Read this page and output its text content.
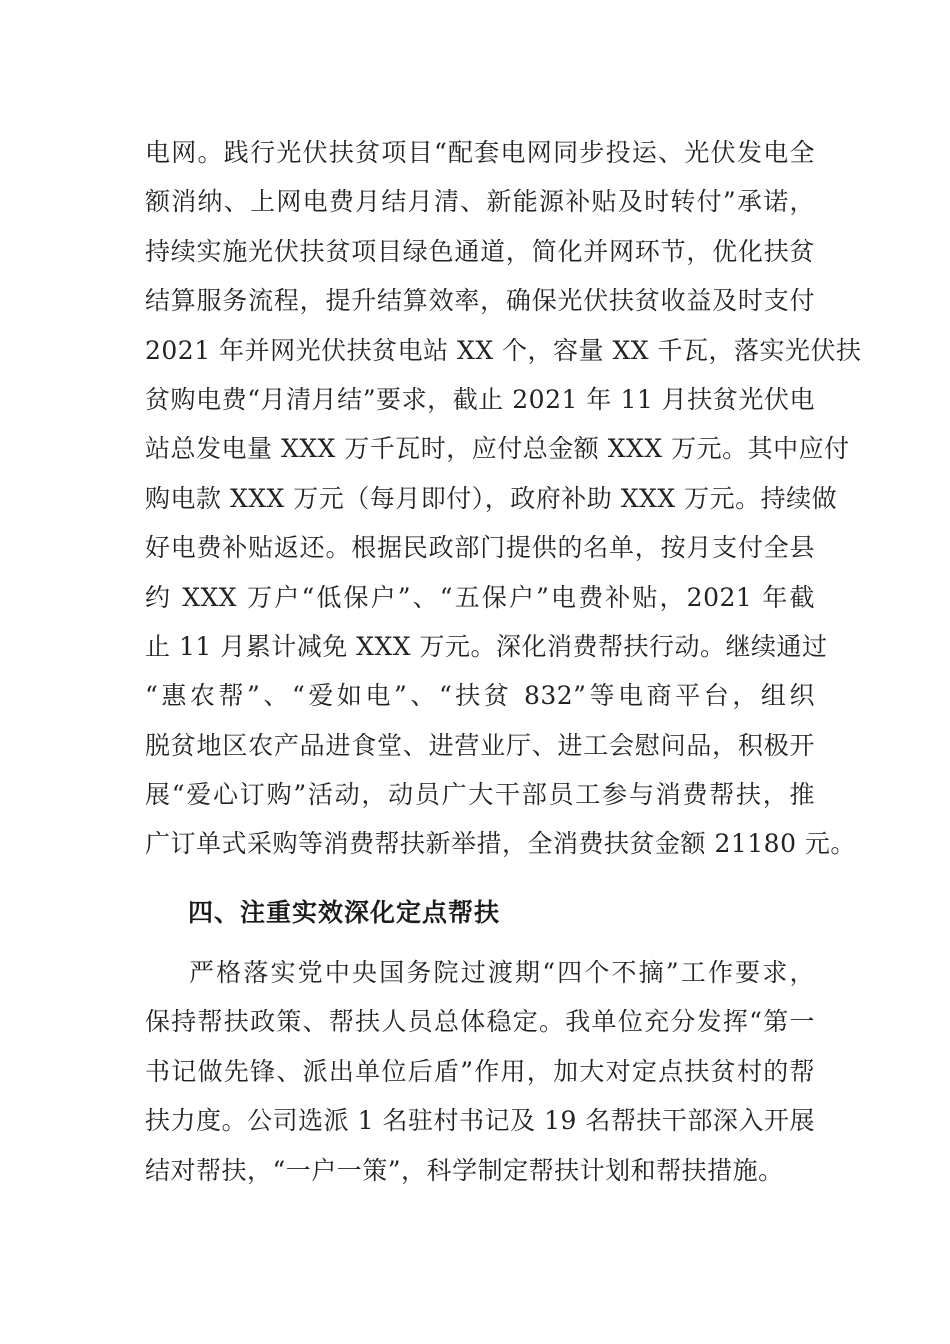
电网。践行光伏扶贫项目“配套电网同步投运、光伏发电全
额消纳、上网电费月结月清、新能源补贴及时转付”承诺，
持续实施光伏扶贫项目绿色通道，简化并网环节，优化扶贫
结算服务流程，提升结算效率，确保光伏扶贫收益及时支付
2021 年并网光伏扶贫电站 XX 个，容量 XX 千瓦，落实光伏扶
贫购电费“月清月结”要求，截止 2021 年 11 月扶贫光伏电
站总发电量 XXX 万千瓦时，应付总金额 XXX 万元。其中应付
购电款 XXX 万元（每月即付），政府补助 XXX 万元。持续做
好电费补贴返还。根据民政部门提供的名单，按月支付全县
约 XXX 万户“低保户”、“五保户”电费补贴，2021 年截
止 11 月累计减免 XXX 万元。深化消费帮扶行动。继续通过
“惠农帮”、“爱如电”、“扶贫 832”等电商平台，组织
脱贫地区农产品进食堂、进营业厅、进工会慰问品，积极开
展“爱心订购”活动，动员广大干部员工参与消费帮扶，推
广订单式采购等消费帮扶新举措，全消费扶贫金额 21180 元。
四、注重实效深化定点帮扶
严格落实党中央国务院过渡期“四个不摘”工作要求，
保持帮扶政策、帮扶人员总体稳定。我单位充分发挥“第一
书记做先锋、派出单位后盾”作用，加大对定点扶贫村的帮
扶力度。公司选派 1 名驻村书记及 19 名帮扶干部深入开展
结对帮扶，“一户一策”，科学制定帮扶计划和帮扶措施。
